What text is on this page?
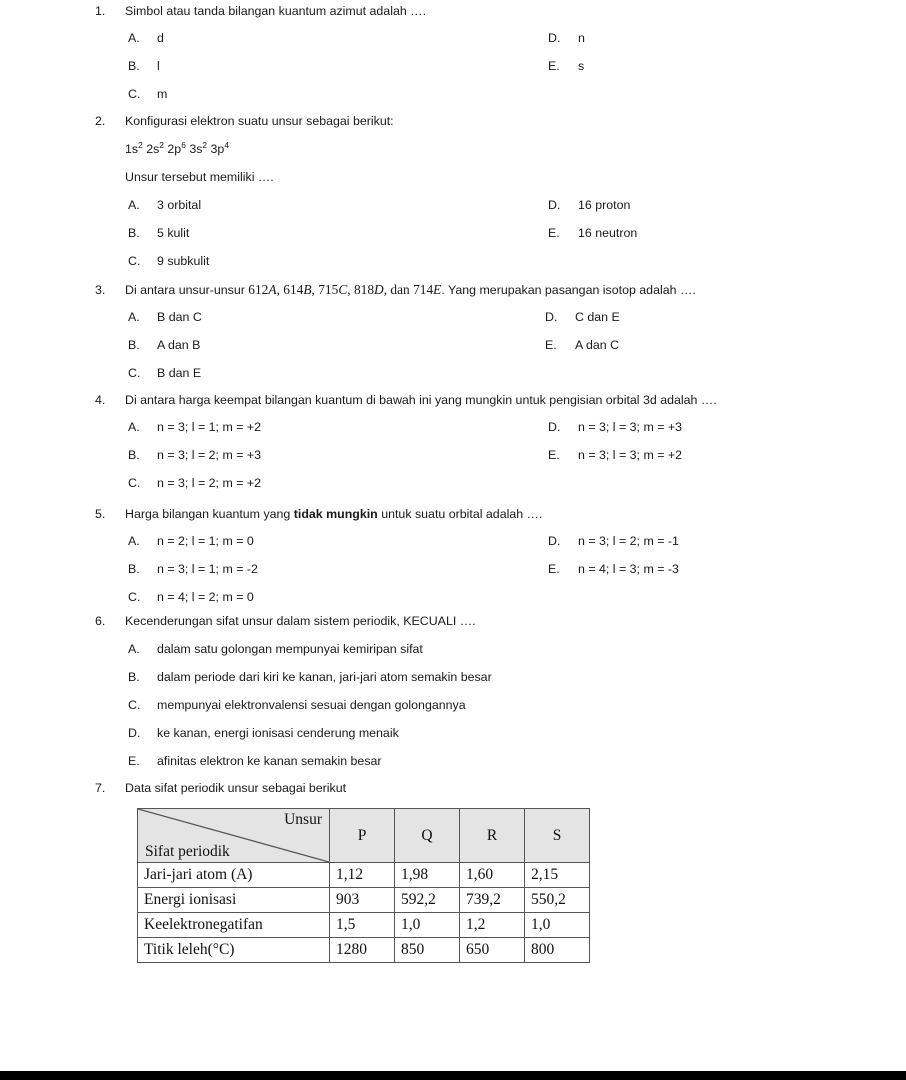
1.	Simbol atau tanda bilangan kuantum azimut adalah ….
A. d
B. l
C. m
D. n
E. s
2.	Konfigurasi elektron suatu unsur sebagai berikut:
$1s^2$ $2s^2$ $2p^6$ $3s^2$ $3p^4$
Unsur tersebut memiliki ….
A. 3 orbital
B. 5 kulit
C. 9 subkulit
D. 16 proton
E. 16 neutron
3.	Di antara unsur-unsur 612A, 614B, 715C, 818D, dan 714E. Yang merupakan pasangan isotop adalah ….
A. B dan C
B. A dan B
C. B dan E
D. C dan E
E. A dan C
4.	Di antara harga keempat bilangan kuantum di bawah ini yang mungkin untuk pengisian orbital 3d adalah ….
A. n = 3; l = 1; m = +2
B. n = 3; l = 2; m = +3
C. n = 3; l = 2; m = +2
D. n = 3; l = 3; m = +3
E. n = 3; l = 3; m = +2
5.	Harga bilangan kuantum yang tidak mungkin untuk suatu orbital adalah ….
A. n = 2; l = 1; m = 0
B. n = 3; l = 1; m = -2
C. n = 4; l = 2; m = 0
D. n = 3; l = 2; m = -1
E. n = 4; l = 3; m = -3
6.	Kecenderungan sifat unsur dalam sistem periodik, KECUALI ….
A. dalam satu golongan mempunyai kemiripan sifat
B. dalam periode dari kiri ke kanan, jari-jari atom semakin besar
C. mempunyai elektronvalensi sesuai dengan golongannya
D. ke kanan, energi ionisasi cenderung menaik
E. afinitas elektron ke kanan semakin besar
7.	Data sifat periodik unsur sebagai berikut
Unsur
Sifat periodik	P	Q	R	S
Jari-jari atom (A)	1,12	1,98	1,60	2,15
Energi ionisasi	903	592,2	739,2	550,2
Keelektronegatifan	1,5	1,0	1,2	1,0
Titik leleh(°C)	1280	850	650	800
